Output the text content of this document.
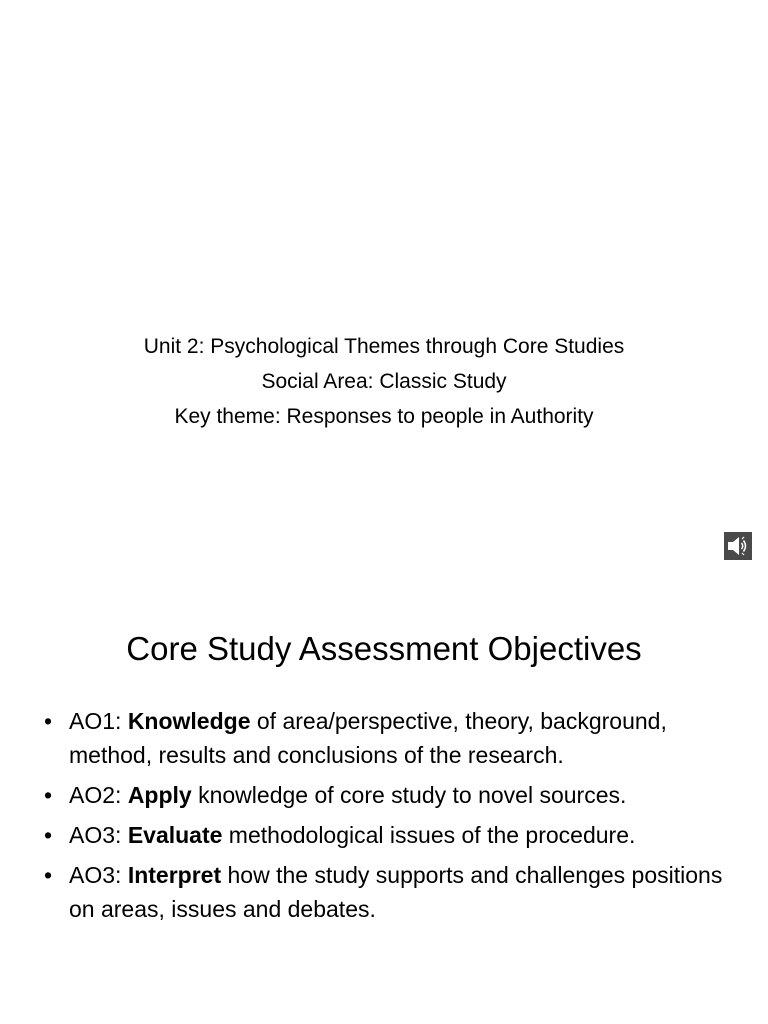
Unit 2: Psychological Themes through Core Studies
Social Area: Classic Study
Key theme: Responses to people in Authority
Core Study Assessment Objectives
• AO1: Knowledge of area/perspective, theory, background, method, results and conclusions of the research.
• AO2: Apply knowledge of core study to novel sources.
• AO3: Evaluate methodological issues of the procedure.
• AO3: Interpret how the study supports and challenges positions on areas, issues and debates.
